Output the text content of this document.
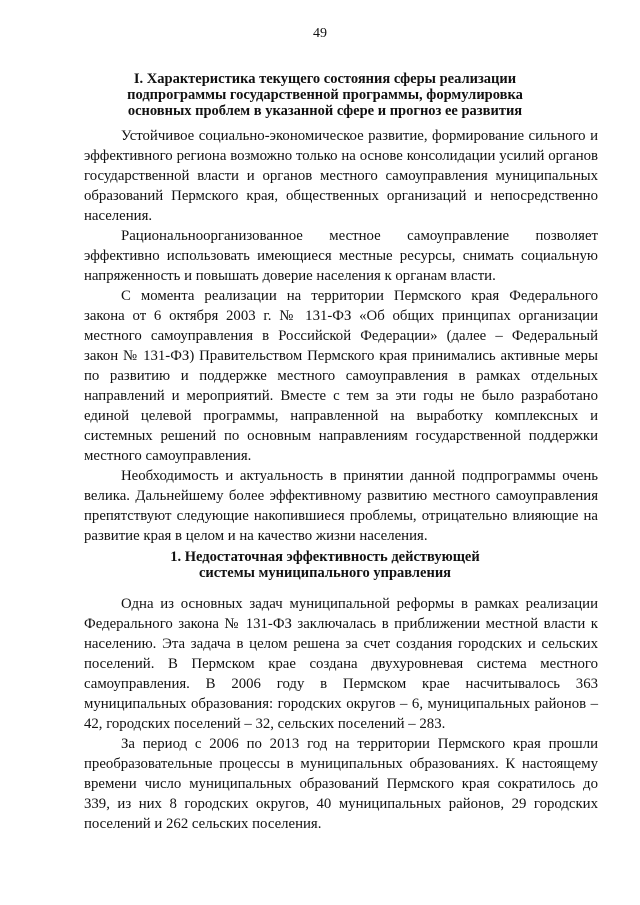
49
I. Характеристика текущего состояния сферы реализации
подпрограммы государственной программы, формулировка
основных проблем в указанной сфере и прогноз ее развития

Устойчивое социально-экономическое развитие, формирование сильного и эффективного региона возможно только на основе консолидации усилий органов государственной власти и органов местного самоуправления муниципальных образований Пермского края, общественных организаций и непосредственно населения.

Рациональноорганизованное местное самоуправление позволяет эффективно использовать имеющиеся местные ресурсы, снимать социальную напряженность и повышать доверие населения к органам власти.

С момента реализации на территории Пермского края Федерального закона от 6 октября 2003 г. № 131-ФЗ «Об общих принципах организации местного самоуправления в Российской Федерации» (далее – Федеральный закон № 131-ФЗ) Правительством Пермского края принимались активные меры по развитию и поддержке местного самоуправления в рамках отдельных направлений и мероприятий. Вместе с тем за эти годы не было разработано единой целевой программы, направленной на выработку комплексных и системных решений по основным направлениям государственной поддержки местного самоуправления.

Необходимость и актуальность в принятии данной подпрограммы очень велика. Дальнейшему более эффективному развитию местного самоуправления препятствуют следующие накопившиеся проблемы, отрицательно влияющие на развитие края в целом и на качество жизни населения.

1. Недостаточная эффективность действующей
системы муниципального управления

Одна из основных задач муниципальной реформы в рамках реализации Федерального закона № 131-ФЗ заключалась в приближении местной власти к населению. Эта задача в целом решена за счет создания городских и сельских поселений. В Пермском крае создана двухуровневая система местного самоуправления. В 2006 году в Пермском крае насчитывалось 363 муниципальных образования: городских округов – 6, муниципальных районов – 42, городских поселений – 32, сельских поселений – 283.

За период с 2006 по 2013 год на территории Пермского края прошли преобразовательные процессы в муниципальных образованиях. К настоящему времени число муниципальных образований Пермского края сократилось до 339, из них 8 городских округов, 40 муниципальных районов, 29 городских поселений и 262 сельских поселения.
